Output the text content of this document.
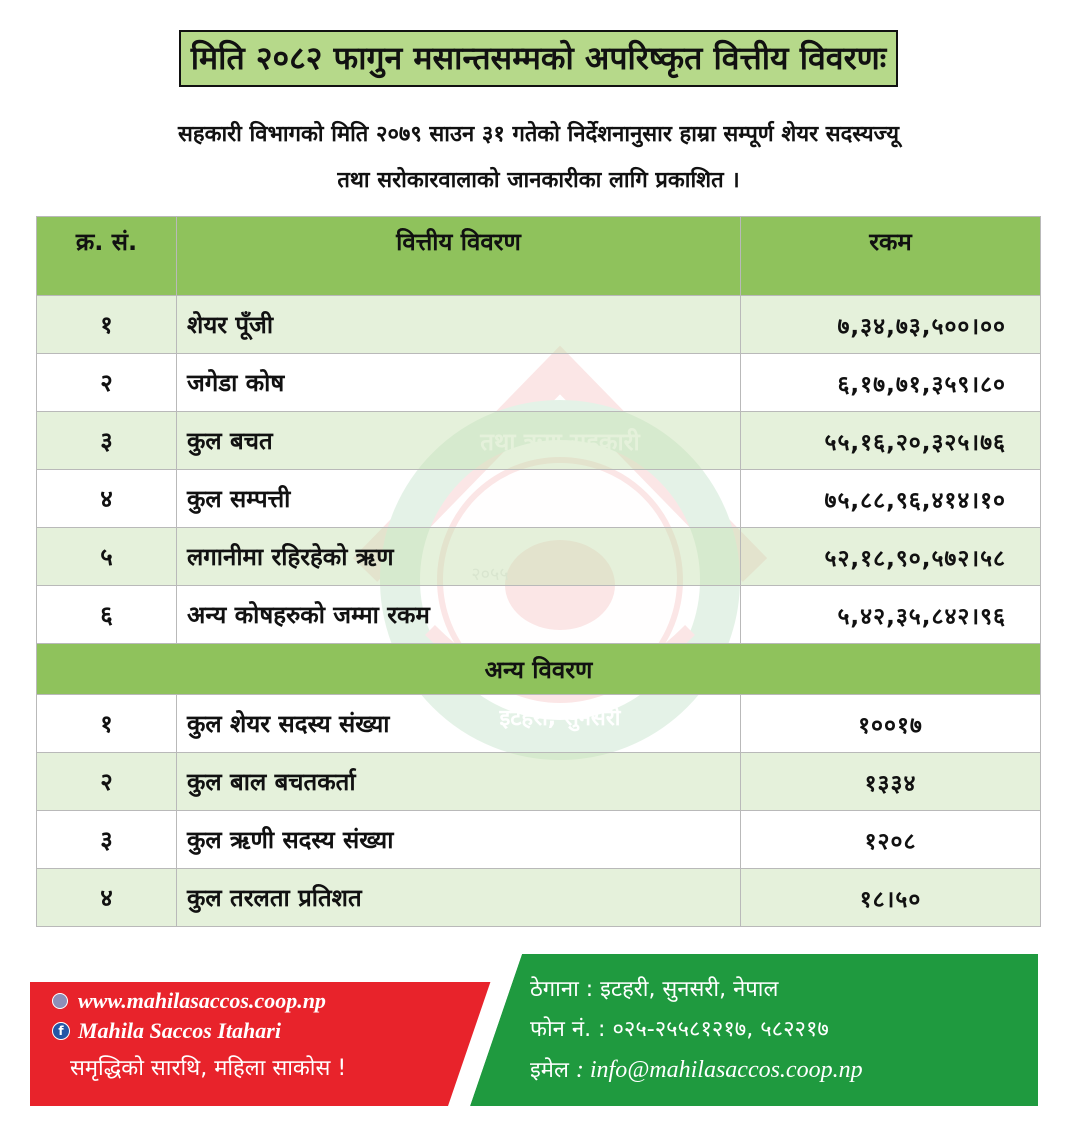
मिति २०८२ फागुन मसान्तसम्मको अपरिष्कृत वित्तीय विवरणः
सहकारी विभागको मिति २०७९ साउन ३१ गतेको निर्देशनानुसार हाम्रा सम्पूर्ण शेयर सदस्यज्यू
तथा सरोकारवालाको जानकारीका लागि प्रकाशित ।
क्र. सं.	वित्तीय विवरण	रकम
१	शेयर पूँजी	७,३४,७३,५००।००
२	जगेडा कोष	६,१७,७१,३५९।८०
३	कुल बचत	५५,१६,२०,३२५।७६
४	कुल सम्पत्ती	७५,८८,९६,४१४।१०
५	लगानीमा रहिरहेको ऋण	५२,१८,९०,५७२।५८
६	अन्य कोषहरुको जम्मा रकम	५,४२,३५,८४२।९६
अन्य विवरण		
१	कुल शेयर सदस्य संख्या	१००१७
२	कुल बाल बचतकर्ता	१३३४
३	कुल ऋणी सदस्य संख्या	१२०८
४	कुल तरलता प्रतिशत	१८।५०
www.mahilasaccos.coop.np
f Mahila Saccos Itahari
समृद्धिको सारथि, महिला साकोस !
ठेगाना : इटहरी, सुनसरी, नेपाल
फोन नं. : ०२५-२५५८१२१७, ५८२२१७
इमेल : info@mahilasaccos.coop.np
